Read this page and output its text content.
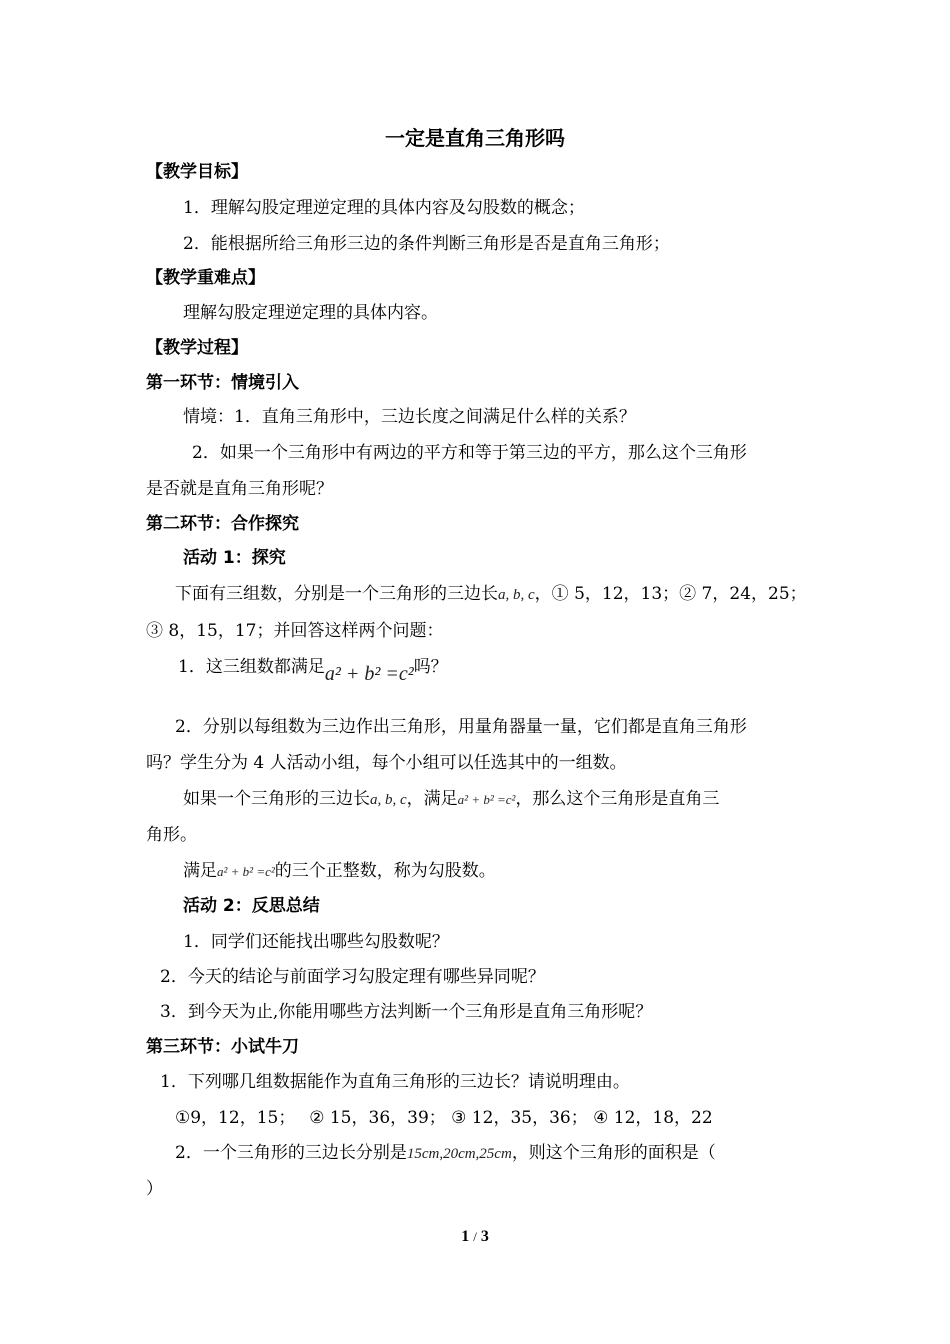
一定是直角三角形吗
【教学目标】
1．理解勾股定理逆定理的具体内容及勾股数的概念；
2．能根据所给三角形三边的条件判断三角形是否是直角三角形；
【教学重难点】
理解勾股定理逆定理的具体内容。
【教学过程】
第一环节：情境引入
情境：1．直角三角形中，三边长度之间满足什么样的关系？
2．如果一个三角形中有两边的平方和等于第三边的平方，那么这个三角形
是否就是直角三角形呢？
第二环节：合作探究
活动 1：探究
下面有三组数，分别是一个三角形的三边长a, b, c，① 5，12，13；② 7，24，25；
③ 8，15，17；并回答这样两个问题：
1．这三组数都满足a² + b² =c²吗？
2．分别以每组数为三边作出三角形，用量角器量一量，它们都是直角三角形
吗？学生分为 4 人活动小组，每个小组可以任选其中的一组数。
如果一个三角形的三边长a, b, c，满足a² + b² =c²，那么这个三角形是直角三
角形。
满足a² + b² =c²的三个正整数，称为勾股数。
活动 2：反思总结
1．同学们还能找出哪些勾股数呢？
2．今天的结论与前面学习勾股定理有哪些异同呢？
3．到今天为止,你能用哪些方法判断一个三角形是直角三角形呢？
第三环节：小试牛刀
1．下列哪几组数据能作为直角三角形的三边长？请说明理由。
①9，12，15；　 ② 15，36，39； ③ 12，35，36； ④ 12，18，22
2．一个三角形的三边长分别是15cm,20cm,25cm，则这个三角形的面积是（
）
1 / 3
